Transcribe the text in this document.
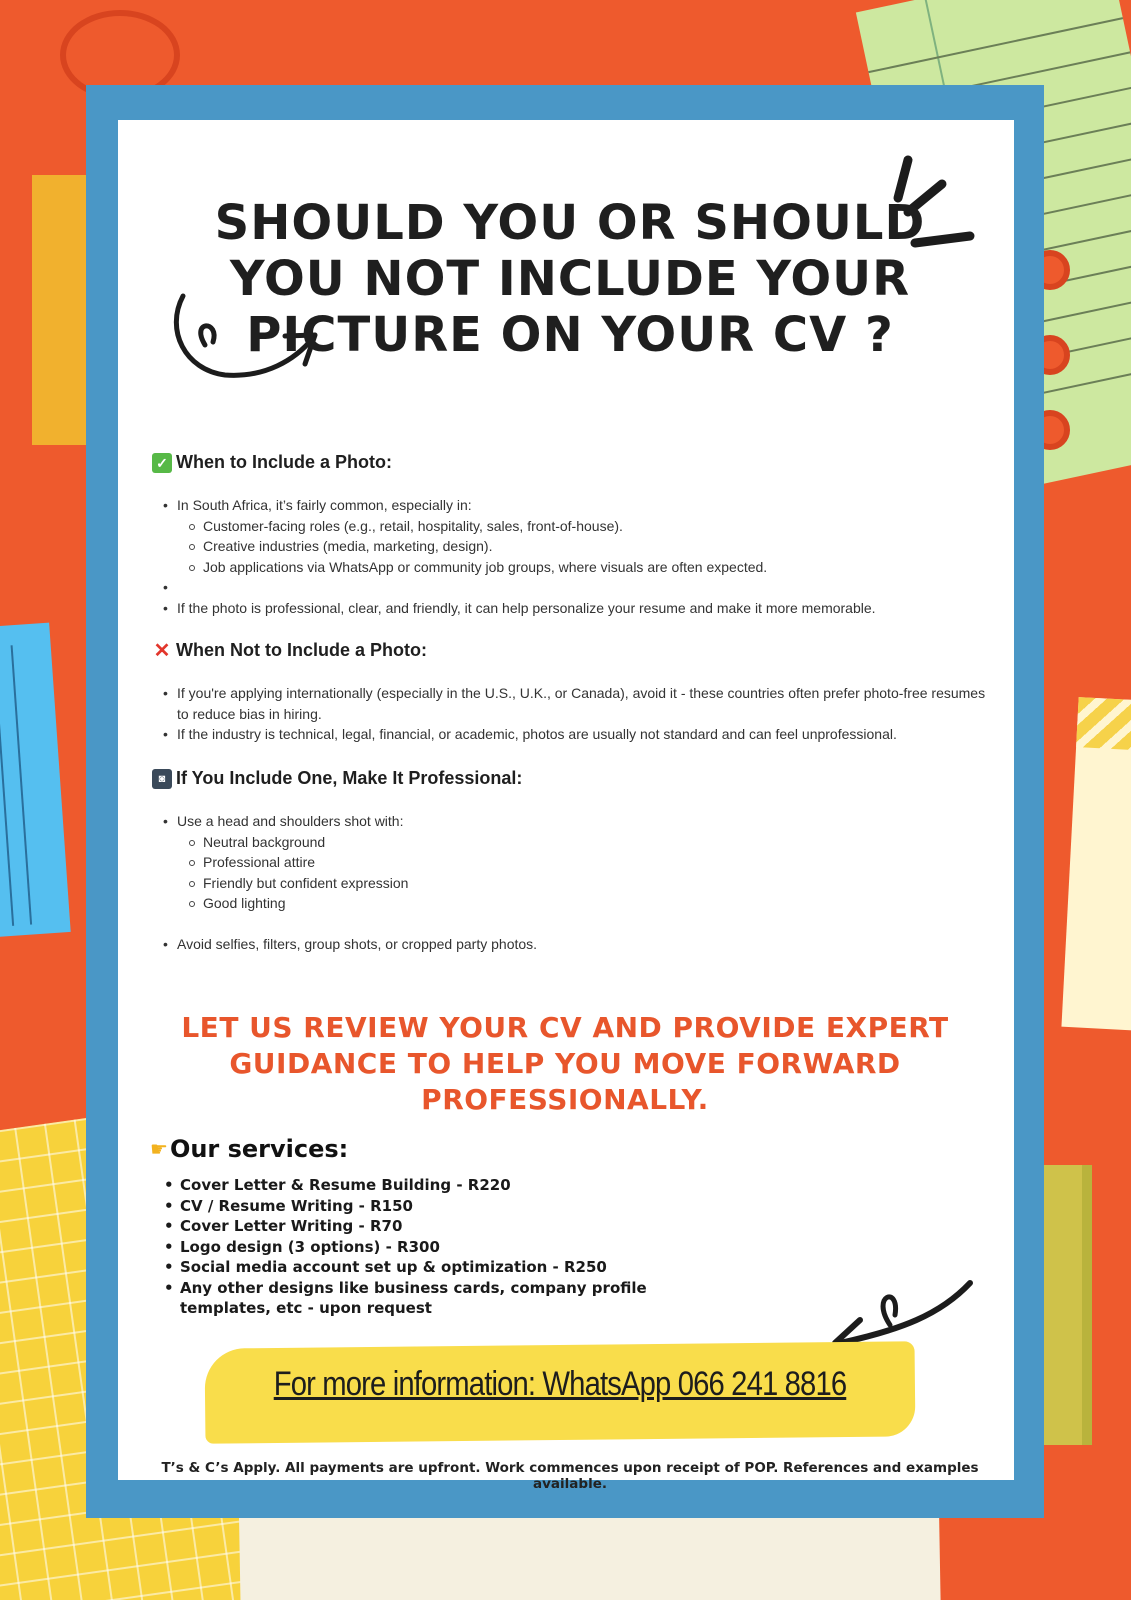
SHOULD YOU OR SHOULD YOU NOT INCLUDE YOUR PICTURE ON YOUR CV ?
✓ When to Include a Photo:
• In South Africa, it’s fairly common, especially in:
Customer-facing roles (e.g., retail, hospitality, sales, front-of-house).
Creative industries (media, marketing, design).
Job applications via WhatsApp or community job groups, where visuals are often expected.
•
• If the photo is professional, clear, and friendly, it can help personalize your resume and make it more memorable.
✕ When Not to Include a Photo:
• If you're applying internationally (especially in the U.S., U.K., or Canada), avoid it - these countries often prefer photo-free resumes to reduce bias in hiring.
• If the industry is technical, legal, financial, or academic, photos are usually not standard and can feel unprofessional.
◙ If You Include One, Make It Professional:
• Use a head and shoulders shot with:
Neutral background
Professional attire
Friendly but confident expression
Good lighting
• Avoid selfies, filters, group shots, or cropped party photos.
LET US REVIEW YOUR CV AND PROVIDE EXPERT GUIDANCE TO HELP YOU MOVE FORWARD PROFESSIONALLY.
☛ Our services:
• Cover Letter & Resume Building - R220
• CV / Resume Writing - R150
• Cover Letter Writing - R70
• Logo design (3 options) - R300
• Social media account set up & optimization - R250
• Any other designs like business cards, company profile templates, etc - upon request
For more information: WhatsApp 066 241 8816
T’s & C’s Apply. All payments are upfront. Work commences upon receipt of POP. References and examples available.
